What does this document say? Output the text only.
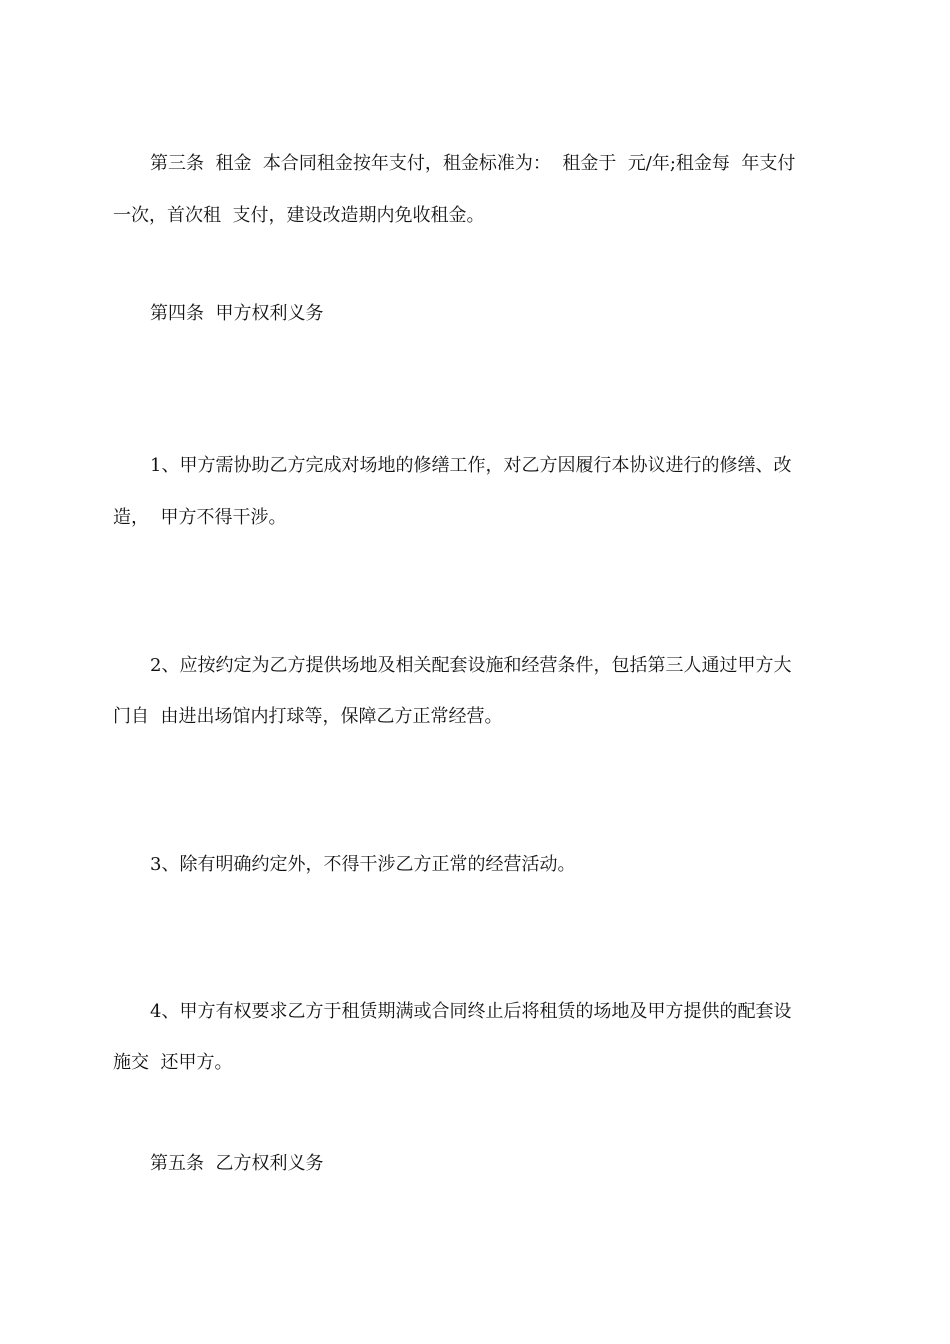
第三条  租金  本合同租金按年支付，租金标准为：  租金于  元/年;租金每  年支付
一次，首次租  支付，建设改造期内免收租金。
第四条  甲方权利义务
1、甲方需协助乙方完成对场地的修缮工作，对乙方因履行本协议进行的修缮、改
造，  甲方不得干涉。
2、应按约定为乙方提供场地及相关配套设施和经营条件，包括第三人通过甲方大
门自  由进出场馆内打球等，保障乙方正常经营。
3、除有明确约定外，不得干涉乙方正常的经营活动。
4、甲方有权要求乙方于租赁期满或合同终止后将租赁的场地及甲方提供的配套设
施交  还甲方。
第五条  乙方权利义务
